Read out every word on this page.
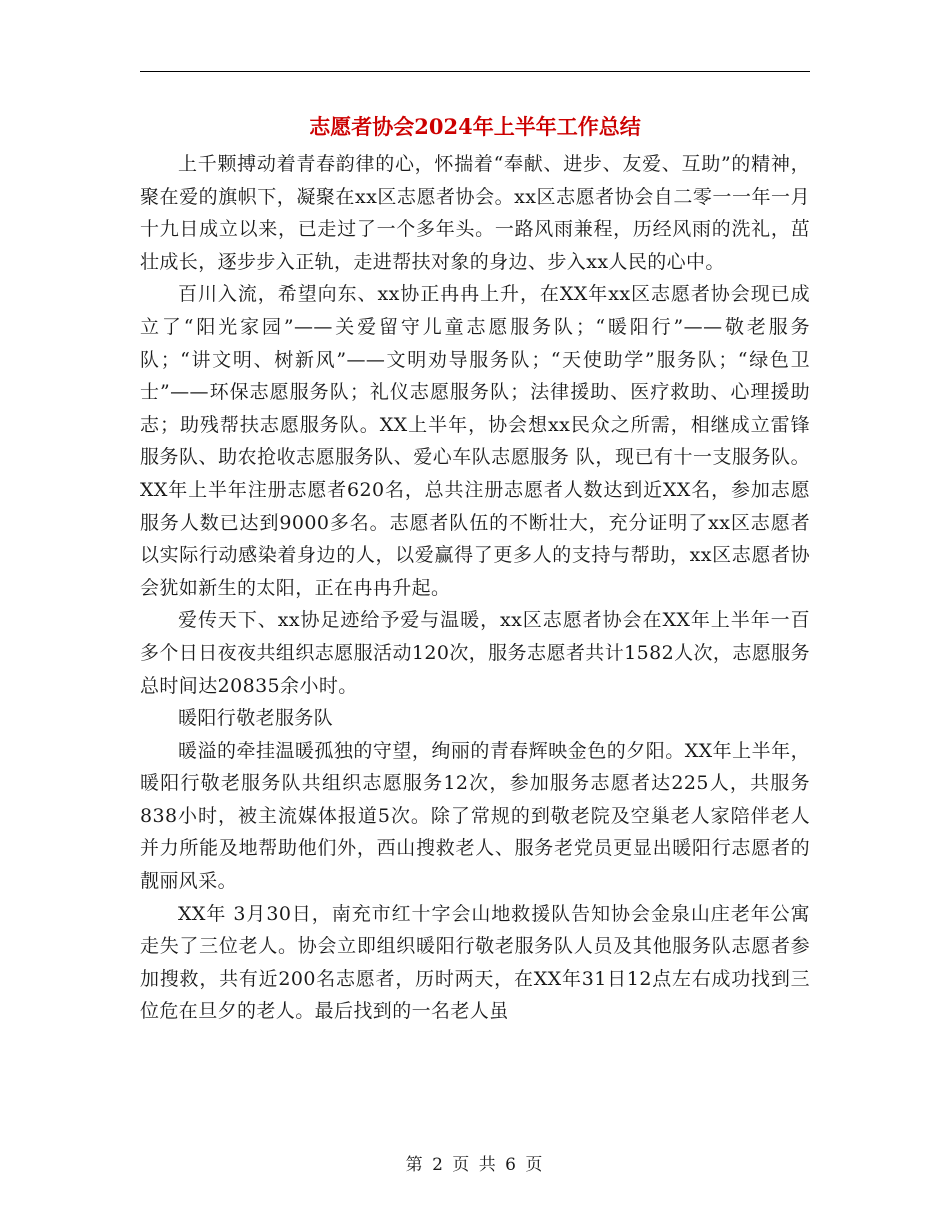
志愿者协会2024年上半年工作总结

上千颗搏动着青春韵律的心，怀揣着“奉献、进步、友爱、互助”的精神，聚在爱的旗帜下，凝聚在xx区志愿者协会。xx区志愿者协会自二零一一年一月十九日成立以来，已走过了一个多年头。一路风雨兼程，历经风雨的洗礼，茁壮成长，逐步步入正轨，走进帮扶对象的身边、步入xx人民的心中。

百川入流，希望向东、xx协正冉冉上升，在XX年xx区志愿者协会现已成立了“阳光家园”——关爱留守儿童志愿服务队；“暖阳行”——敬老服务队；“讲文明、树新风”——文明劝导服务队；“天使助学”服务队；“绿色卫士”——环保志愿服务队；礼仪志愿服务队；法律援助、医疗救助、心理援助志；助残帮扶志愿服务队。XX上半年，协会想xx民众之所需，相继成立雷锋服务队、助农抢收志愿服务队、爱心车队志愿服务 队，现已有十一支服务队。XX年上半年注册志愿者620名，总共注册志愿者人数达到近XX名，参加志愿服务人数已达到9000多名。志愿者队伍的不断壮大，充分证明了xx区志愿者以实际行动感染着身边的人，以爱赢得了更多人的支持与帮助，xx区志愿者协会犹如新生的太阳，正在冉冉升起。

爱传天下、xx协足迹给予爱与温暖，xx区志愿者协会在XX年上半年一百多个日日夜夜共组织志愿服活动120次，服务志愿者共计1582人次，志愿服务总时间达20835余小时。

暖阳行敬老服务队

暖溢的牵挂温暖孤独的守望，绚丽的青春辉映金色的夕阳。XX年上半年，暖阳行敬老服务队共组织志愿服务12次，参加服务志愿者达225人，共服务838小时，被主流媒体报道5次。除了常规的到敬老院及空巢老人家陪伴老人并力所能及地帮助他们外，西山搜救老人、服务老党员更显出暖阳行志愿者的靓丽风采。

XX年 3月30日，南充市红十字会山地救援队告知协会金泉山庄老年公寓走失了三位老人。协会立即组织暖阳行敬老服务队人员及其他服务队志愿者参加搜救，共有近200名志愿者，历时两天，在XX年31日12点左右成功找到三位危在旦夕的老人。最后找到的一名老人虽

第 2 页 共 6 页
